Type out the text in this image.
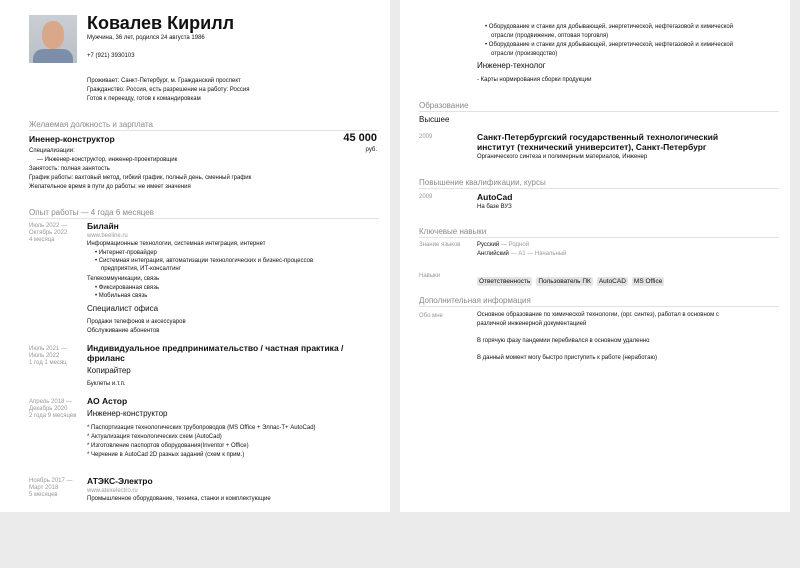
Ковалев Кирилл
Мужчина, 36 лет, родился 24 августа 1986
+7 (921) 3930103
Проживает: Санкт-Петербург, м. Гражданский проспект
Гражданство: Россия, есть разрешение на работу: Россия
Готов к переезду, готов к командировкам
Желаемая должность и зарплата
Иненер-конструктор	45 000
руб.
Специализации:
— Инженер-конструктор, инженер-проектировщик
Занятость: полная занятость
График работы: вахтовый метод, гибкий график, полный день, сменный график
Желательное время в пути до работы: не имеет значения
Опыт работы — 4 года 6 месяцев
Июль 2022 —
Октябрь 2022
4 месяца
Билайн
www.beeline.ru
Информационные технологии, системная интеграция, интернет
• Интернет-провайдер
• Системная интеграция, автоматизации технологических и бизнес-процессов
предприятия, ИТ-консалтинг
Телекоммуникации, связь
• Фиксированная связь
• Мобильная связь
Специалист офиса
Продажи телефонов и аксессуаров
Обслуживание абонентов
Июль 2021 —
Июль 2022
1 год 1 месяц
Индивидуальное предпринимательство / частная практика /
фриланс
Копирайтер
Буклеты и.т.п.
Апрель 2018 —
Декабрь 2020
2 года 9 месяцев
АО Астор
Инженер-конструктор
* Паспортизация технологических трубопроводов (MS Office + Элпас-Т+ AutoCad)
* Актуализация технологических схем (AutoCad)
* Изготовление паспортов оборудования(Inventor + Office)
* Черчение в AutoCad 2D разных заданий (схем к прим.)
Ноябрь 2017 —
Март 2018
5 месяцев
АТЭКС-Электро
www.atexelectro.ru
Промышленное оборудование, техника, станки и комплектующие
• Оборудование и станки для добывающей, энергетической, нефтегазовой и химической
отрасли (продвижение, оптовая торговля)
• Оборудование и станки для добывающей, энергетической, нефтегазовой и химической
отрасли (производство)
Инженер-технолог
- Карты нормирования сборки продукции
Образование
Высшее
2009	Санкт-Петербургский государственный технологический
институт (технический университет), Санкт-Петербург
Органического синтеза и полимерным материалов, Инженер
Повышение квалификации, курсы
2009	AutoCad
На базе ВУЗ
Ключевые навыки
Знание языков	Русский — Родной
Английский — A1 — Начальный
Навыки
Ответственность Пользователь ПК AutoCAD MS Office
Дополнительная информация
Обо мне	Основное образование по химической технологии, (орг. синтез), работал в основном с
различной инженерной документацией
В горячую фазу пандемии перебивался в основном удаленно
В данный момент могу быстро приступить к работе (неработаю)
